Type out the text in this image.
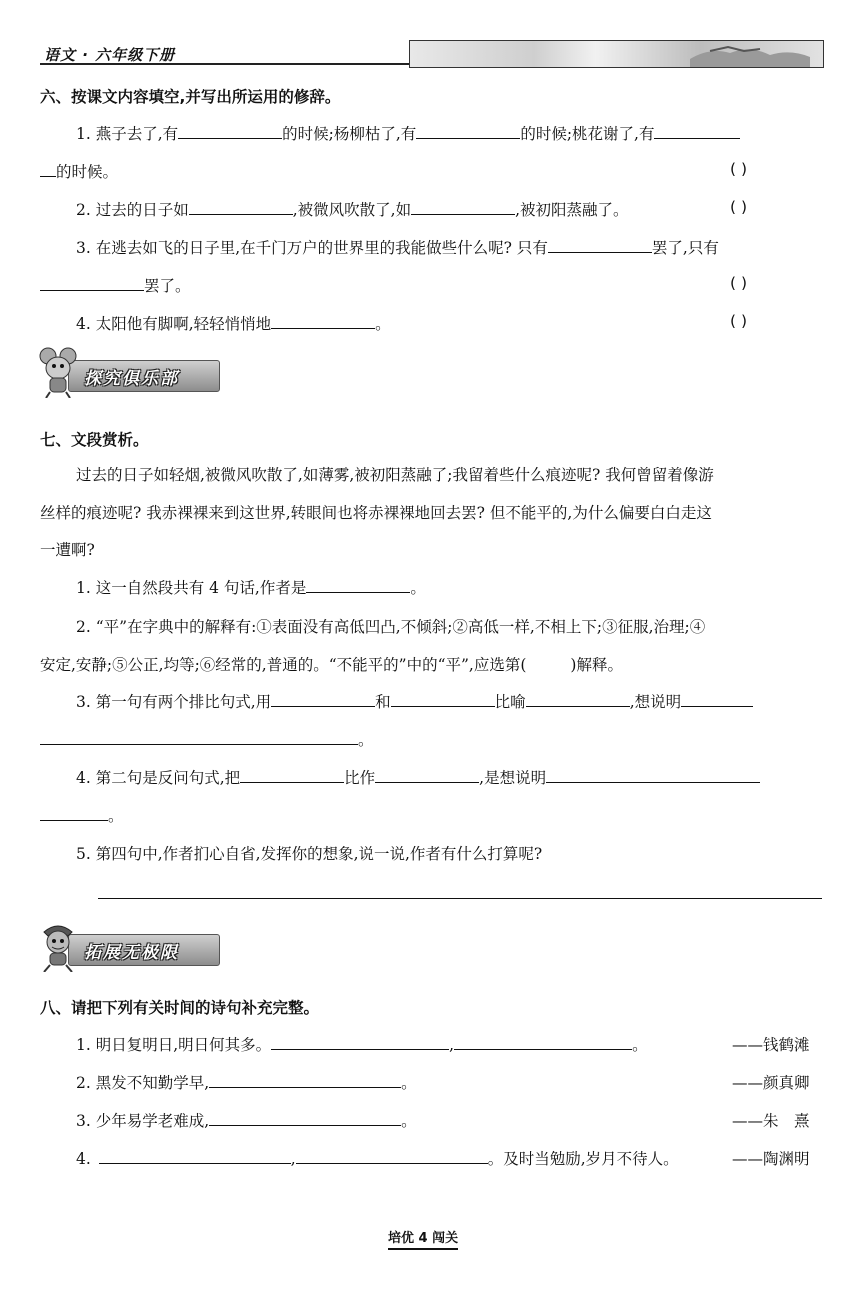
语文 · 六年级下册
六、按课文内容填空,并写出所运用的修辞。
1. 燕子去了,有	的时候;杨柳枯了,有	的时候;桃花谢了,有
的时候。	( )
2. 过去的日子如	,被微风吹散了,如	,被初阳蒸融了。	( )
3. 在逃去如飞的日子里,在千门万户的世界里的我能做些什么呢? 只有	罢了,只有
罢了。	( )
4. 太阳他有脚啊,轻轻悄悄地	。	( )
探究俱乐部
七、文段赏析。
过去的日子如轻烟,被微风吹散了,如薄雾,被初阳蒸融了;我留着些什么痕迹呢? 我何曾留着像游
丝样的痕迹呢? 我赤裸裸来到这世界,转眼间也将赤裸裸地回去罢? 但不能平的,为什么偏要白白走这
一遭啊?
1. 这一自然段共有 4 句话,作者是	。
2. “平”在字典中的解释有:①表面没有高低凹凸,不倾斜;②高低一样,不相上下;③征服,治理;④
安定,安静;⑤公正,均等;⑥经常的,普通的。“不能平的”中的“平”,应选第(	)解释。
3. 第一句有两个排比句式,用	和	比喻	,想说明
。
4. 第二句是反问句式,把	比作	,是想说明
。
5. 第四句中,作者扪心自省,发挥你的想象,说一说,作者有什么打算呢?
拓展无极限
八、请把下列有关时间的诗句补充完整。
1. 明日复明日,明日何其多。	,	。	——钱鹤滩
2. 黑发不知勤学早,	。	——颜真卿
3. 少年易学老难成,	。	——朱　熹
4.	,	。及时当勉励,岁月不待人。	——陶渊明
培优 4 闯关
